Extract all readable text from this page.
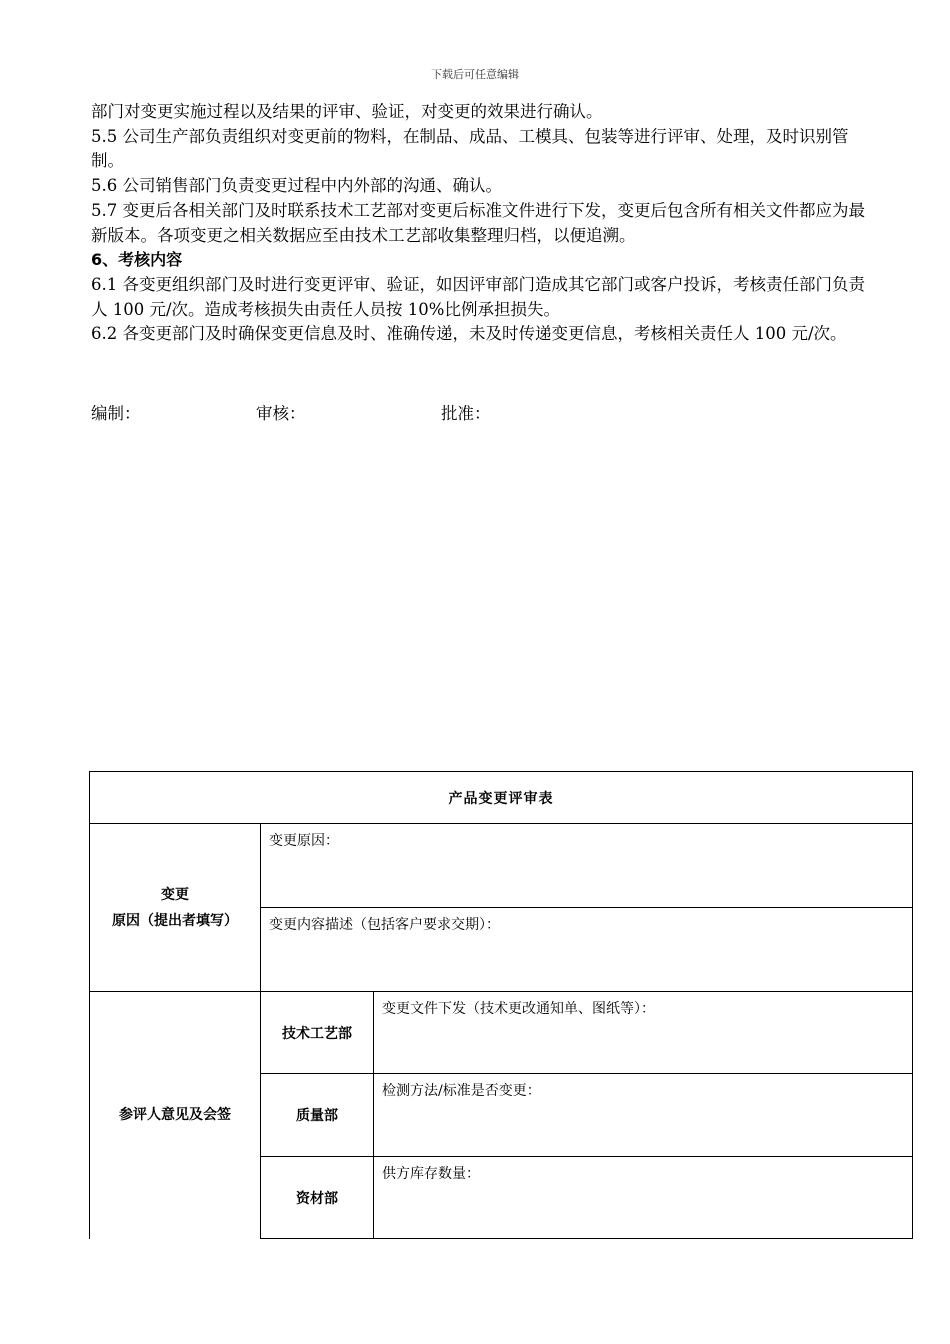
下载后可任意编辑

部门对变更实施过程以及结果的评审、验证，对变更的效果进行确认。

5.5 公司生产部负责组织对变更前的物料，在制品、成品、工模具、包装等进行评审、处理，及时识别管制。

5.6 公司销售部门负责变更过程中内外部的沟通、确认。

5.7 变更后各相关部门及时联系技术工艺部对变更后标准文件进行下发，变更后包含所有相关文件都应为最新版本。各项变更之相关数据应至由技术工艺部收集整理归档，以便追溯。

6、考核内容

6.1 各变更组织部门及时进行变更评审、验证，如因评审部门造成其它部门或客户投诉，考核责任部门负责人 100 元/次。造成考核损失由责任人员按 10%比例承担损失。

6.2 各变更部门及时确保变更信息及时、准确传递，未及时传递变更信息，考核相关责任人 100 元/次。

编制：	审核：	批准：
产品变更评审表		

变更
原因（提出者填写）	变更原因：	
	变更内容描述（包括客户要求交期）：	
参评人意见及会签	技术工艺部	变更文件下发（技术更改通知单、图纸等）：
	质量部	检测方法/标准是否变更：
	资材部	供方库存数量：
